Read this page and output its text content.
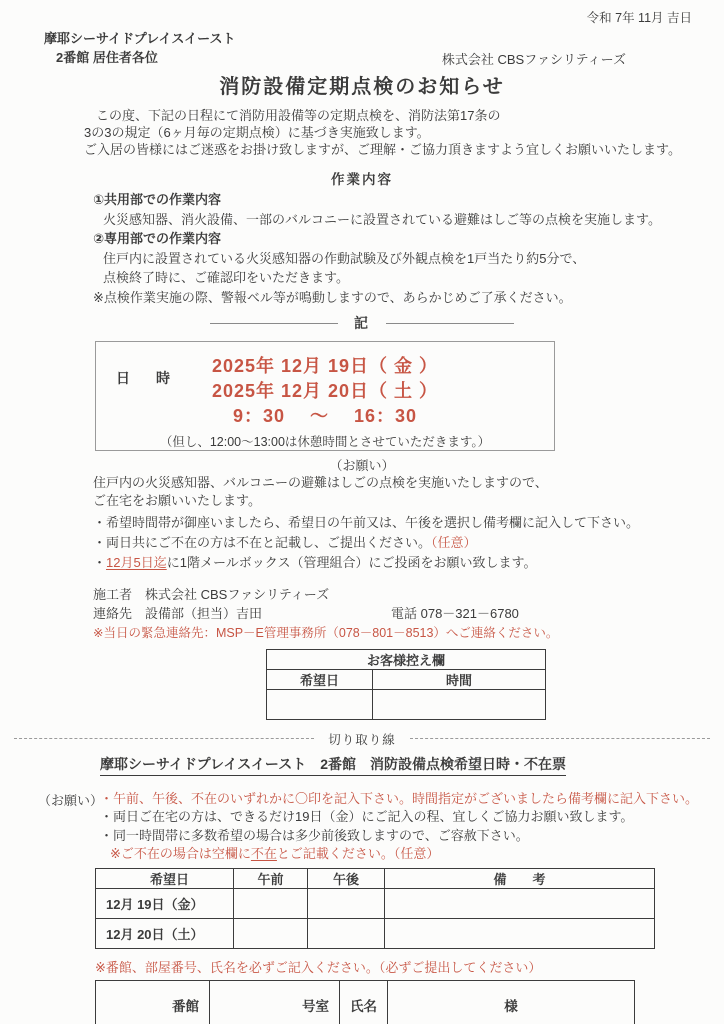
令和 7年 11月 吉日
摩耶シーサイドプレイスイースト
2番館 居住者各位	株式会社 CBSファシリティーズ
消防設備定期点検のお知らせ
この度、下記の日程にて消防用設備等の定期点検を、消防法第17条の
3の3の規定（6ヶ月毎の定期点検）に基づき実施致します。
ご入居の皆様にはご迷惑をお掛け致しますが、ご理解・ご協力頂きますよう宜しくお願いいたします。
作業内容
①共用部での作業内容
火災感知器、消火設備、一部のバルコニーに設置されている避難はしご等の点検を実施します。
②専用部での作業内容
住戸内に設置されている火災感知器の作動試験及び外観点検を1戸当たり約5分で、
点検終了時に、ご確認印をいただきます。
※点検作業実施の際、警報ベル等が鳴動しますので、あらかじめご了承ください。
記
日　時
2025年 12月 19日（ 金 ）
2025年 12月 20日（ 土 ）
9：30　 ～ 　16：30
（但し、12:00～13:00は休憩時間とさせていただきます。）
（お願い）
住戸内の火災感知器、バルコニーの避難はしごの点検を実施いたしますので、
ご在宅をお願いいたします。
・希望時間帯が御座いましたら、希望日の午前又は、午後を選択し備考欄に記入して下さい。
・両日共にご不在の方は不在と記載し、ご提出ください。（任意）
・12月5日迄に1階メールボックス（管理組合）にご投函をお願い致します。
施工者　株式会社 CBSファシリティーズ
連絡先　設備部（担当）吉田	電話 078－321－6780
※当日の緊急連絡先：MSP－E管理事務所（078－801－8513）へご連絡ください。
お客様控え欄	
希望日	時間

切り取り線
摩耶シーサイドプレイスイースト　2番館　消防設備点検希望日時・不在票
（お願い）
・午前、午後、不在のいずれかに〇印を記入下さい。時間指定がございましたら備考欄に記入下さい。
・両日ご在宅の方は、できるだけ19日（金）にご記入の程、宜しくご協力お願い致します。
・同一時間帯に多数希望の場合は多少前後致しますので、ご容赦下さい。
※ご不在の場合は空欄に不在とご記載ください。（任意）
希望日	午前	午後	備　　考
12月 19日（金）			
12月 20日（土）			
※番館、部屋番号、氏名を必ずご記入ください。（必ずご提出してください）
番館	号室	氏名	様
